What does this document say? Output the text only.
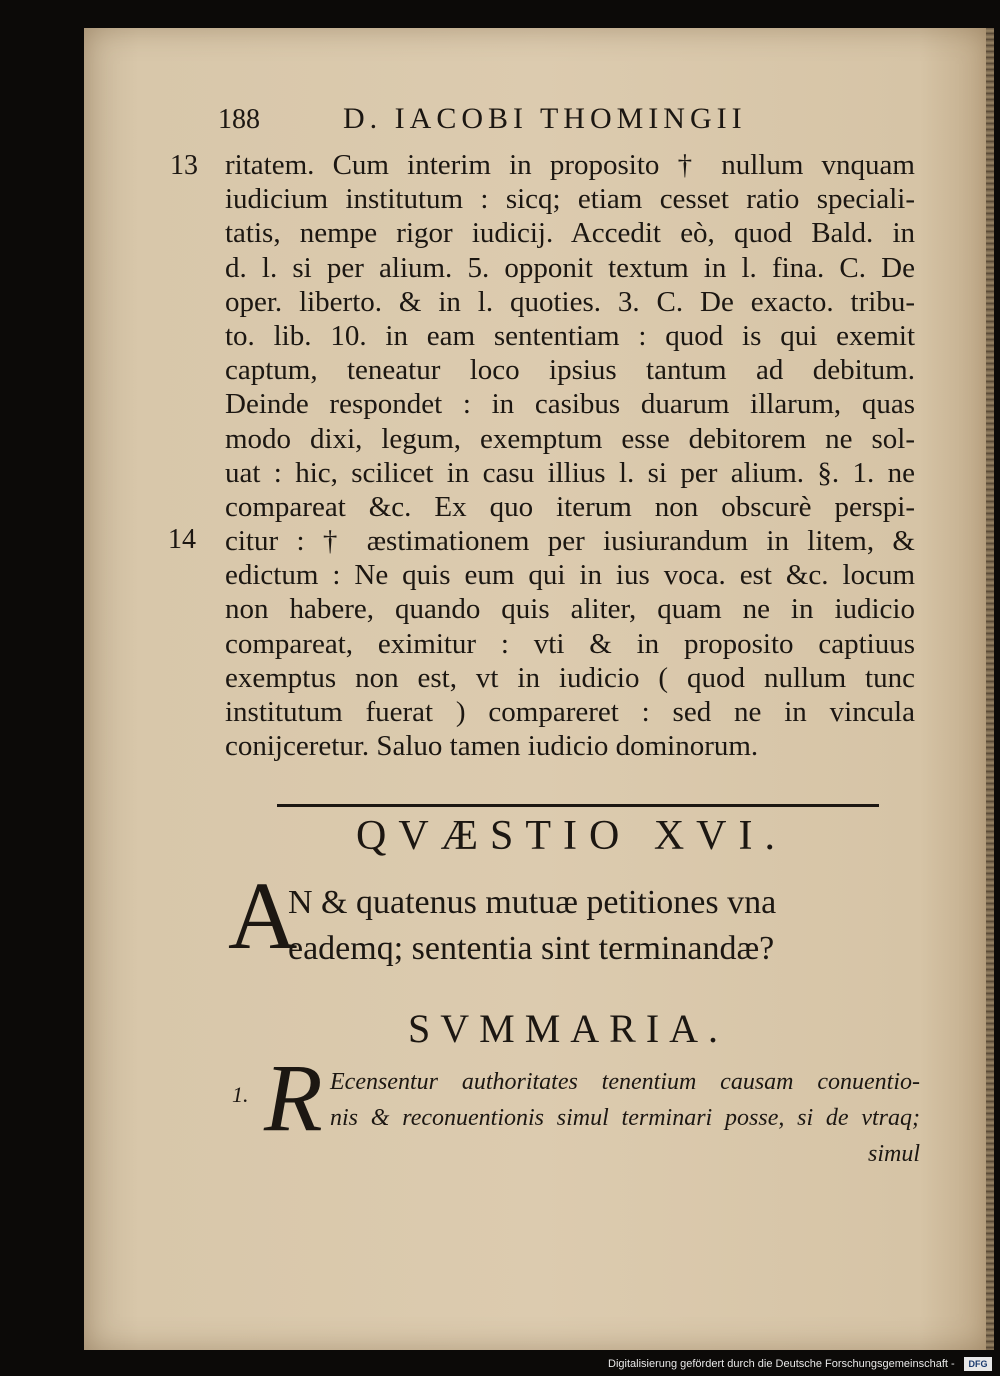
188	D. IACOBI THOMINGII
13
14
ritatem. Cum interim in proposito † nullum vnquam
iudicium institutum : sicq; etiam cesset ratio speciali-
tatis, nempe rigor iudicij. Accedit eò, quod Bald. in
d. l. si per alium. 5. opponit textum in l. fina. C. De
oper. liberto. & in l. quoties. 3. C. De exacto. tribu-
to. lib. 10. in eam sententiam : quod is qui exemit
captum, teneatur loco ipsius tantum ad debitum.
Deinde respondet : in casibus duarum illarum, quas
modo dixi, legum, exemptum esse debitorem ne sol-
uat : hic, scilicet in casu illius l. si per alium. §. 1. ne
compareat &c. Ex quo iterum non obscurè perspi-
citur : † æstimationem per iusiurandum in litem, &
edictum : Ne quis eum qui in ius voca. est &c. locum
non habere, quando quis aliter, quam ne in iudicio
compareat, eximitur : vti & in proposito captiuus
exemptus non est, vt in iudicio ( quod nullum tunc
institutum fuerat ) compareret : sed ne in vincula
conijceretur. Saluo tamen iudicio dominorum.
QVÆSTIO XVI.
A
N & quatenus mutuæ petitiones vna
eademq; sententia sint terminandæ?
SVMMARIA.
1. R Ecensentur authoritates tenentium causam conuentio-
nis & reconuentionis simul terminari posse, si de vtraq;
simul
Digitalisierung gefördert durch die Deutsche Forschungsgemeinschaft -	DFG
